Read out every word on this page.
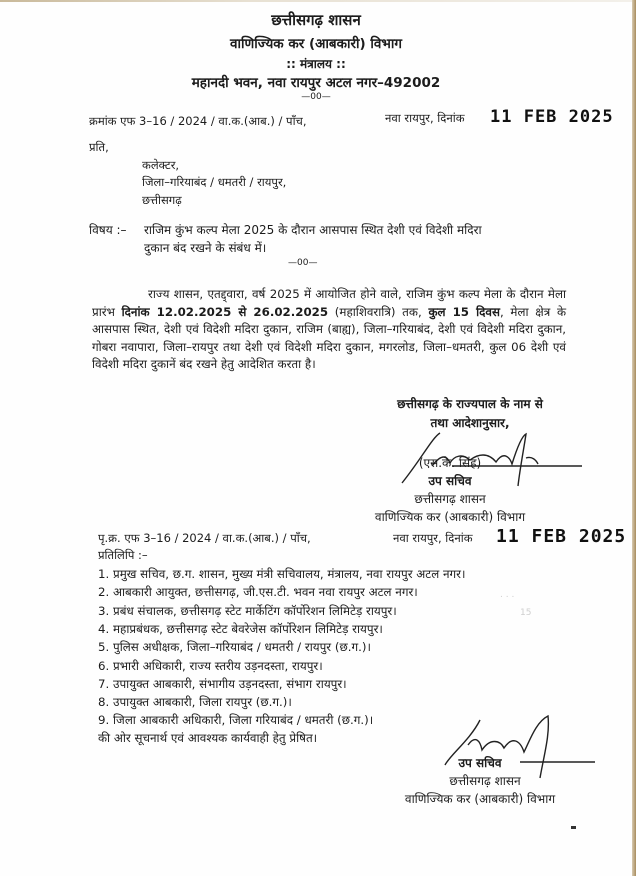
छत्तीसगढ़ शासन
वाणिज्यिक कर (आबकारी) विभाग
:: मंत्रालय ::
महानदी भवन, नवा रायपुर अटल नगर–492002
—00—
क्रमांक एफ 3–16 / 2024 / वा.क.(आब.) / पाँच,	नवा रायपुर, दिनांक 11 FEB 2025
प्रति,
कलेक्टर,
जिला–गरियाबंद / धमतरी / रायपुर,
छत्तीसगढ़
विषय :– राजिम कुंभ कल्प मेला 2025 के दौरान आसपास स्थित देशी एवं विदेशी मदिरा
दुकान बंद रखने के संबंध में।
—00—
राज्य शासन, एतद्द्वारा, वर्ष 2025 में आयोजित होने वाले, राजिम कुंभ कल्प मेला के दौरान मेला प्रारंभ दिनांक 12.02.2025 से 26.02.2025 (महाशिवरात्रि) तक, कुल 15 दिवस, मेला क्षेत्र के आसपास स्थित, देशी एवं विदेशी मदिरा दुकान, राजिम (बाह्य), जिला–गरियाबंद, देशी एवं विदेशी मदिरा दुकान, गोबरा नवापारा, जिला–रायपुर तथा देशी एवं विदेशी मदिरा दुकान, मगरलोड, जिला–धमतरी, कुल 06 देशी एवं विदेशी मदिरा दुकानें बंद रखने हेतु आदेशित करता है।
छत्तीसगढ़ के राज्यपाल के नाम से
तथा आदेशानुसार,
(एस.के. सिंह)
उप सचिव
छत्तीसगढ़ शासन
वाणिज्यिक कर (आबकारी) विभाग
पृ.क्र. एफ 3–16 / 2024 / वा.क.(आब.) / पाँच,	नवा रायपुर, दिनांक 11 FEB 2025
प्रतिलिपि :–
1. प्रमुख सचिव, छ.ग. शासन, मुख्य मंत्री सचिवालय, मंत्रालय, नवा रायपुर अटल नगर।
2. आबकारी आयुक्त, छत्तीसगढ़, जी.एस.टी. भवन नवा रायपुर अटल नगर।
3. प्रबंध संचालक, छत्तीसगढ़ स्टेट मार्केटिंग कॉर्पोरेशन लिमिटेड़ रायपुर।
4. महाप्रबंधक, छत्तीसगढ़ स्टेट बेवरेजेस कॉर्पोरेशन लिमिटेड़ रायपुर।
5. पुलिस अधीक्षक, जिला–गरियाबंद / धमतरी / रायपुर (छ.ग.)।
6. प्रभारी अधिकारी, राज्य स्तरीय उड़नदस्ता, रायपुर।
7. उपायुक्त आबकारी, संभागीय उड़नदस्ता, संभाग रायपुर।
8. उपायुक्त आबकारी, जिला रायपुर (छ.ग.)।
9. जिला आबकारी अधिकारी, जिला गरियाबंद / धमतरी (छ.ग.)।
की ओर सूचनार्थ एवं आवश्यक कार्यवाही हेतु प्रेषित।
. . .
15
उप सचिव
छत्तीसगढ़ शासन
वाणिज्यिक कर (आबकारी) विभाग
